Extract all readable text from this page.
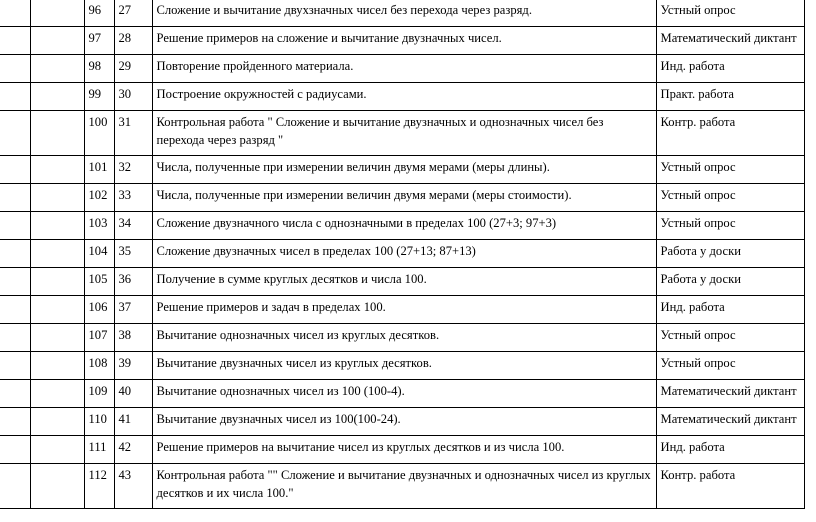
		96	27	Сложение и вычитание двухзначных чисел без перехода через разряд.	Устный опрос
		97	28	Решение примеров на сложение и вычитание двузначных чисел.	Математический диктант
		98	29	Повторение пройденного материала.	Инд. работа
		99	30	Построение окружностей с радиусами.	Практ. работа
		100	31	Контрольная работа " Сложение и вычитание двузначных и однозначных чисел без перехода через разряд "	Контр. работа
		101	32	Числа, полученные при измерении величин двумя мерами (меры длины).	Устный опрос
		102	33	Числа, полученные при измерении величин двумя мерами (меры стоимости).	Устный опрос
		103	34	Сложение двузначного числа с однозначными в пределах 100 (27+3; 97+3)	Устный опрос
		104	35	Сложение двузначных чисел в пределах 100 (27+13; 87+13)	Работа у доски
		105	36	Получение в сумме круглых десятков и числа 100.	Работа у доски
		106	37	Решение примеров и задач в пределах 100.	Инд. работа
		107	38	Вычитание однозначных чисел из круглых десятков.	Устный опрос
		108	39	Вычитание двузначных чисел из круглых десятков.	Устный опрос
		109	40	Вычитание однозначных чисел из 100 (100-4).	Математический диктант
		110	41	Вычитание двузначных чисел из 100(100-24).	Математический диктант
		111	42	Решение примеров на вычитание чисел из круглых десятков и из числа 100.	Инд. работа
		112	43	Контрольная работа "" Сложение и вычитание двузначных и однозначных чисел из круглых десятков и их числа 100."	Контр. работа
